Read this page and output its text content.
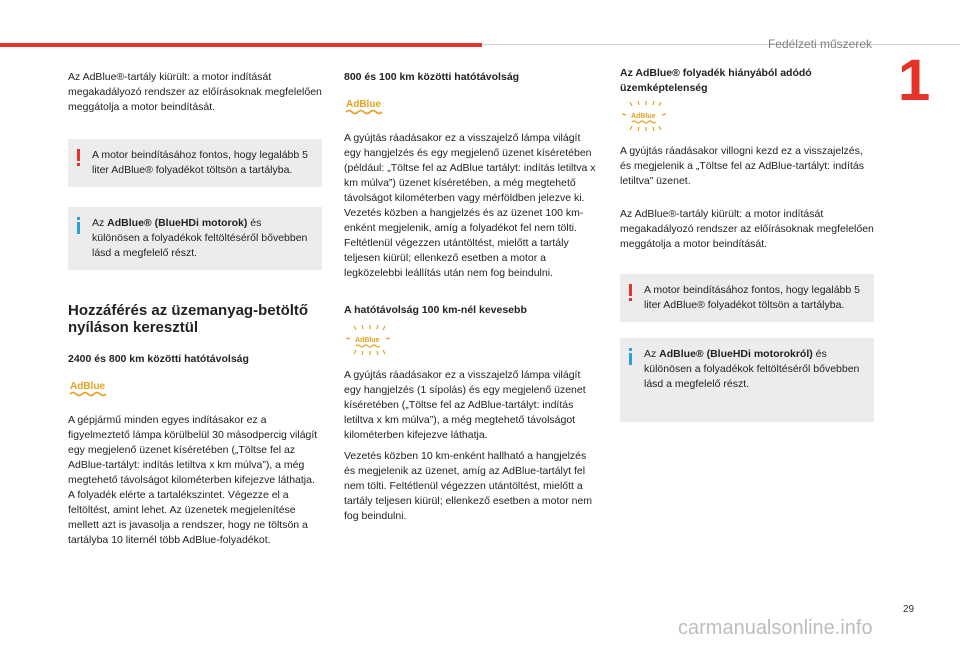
Fedélzeti műszerek
1

Az AdBlue®-tartály kiürült: a motor indítását megakadályozó rendszer az előírásoknak megfelelően meggátolja a motor beindítását.

A motor beindításához fontos, hogy legalább 5 liter AdBlue® folyadékot töltsön a tartályba.
Az AdBlue® (BlueHDi motorok) és különösen a folyadékok feltöltéséről bővebben lásd a megfelelő részt.
Hozzáférés az üzemanyag-betöltő nyíláson keresztül
2400 és 800 km közötti hatótávolság
AdBlue

A gépjármű minden egyes indításakor ez a figyelmeztető lámpa körülbelül 30 másodpercig világít egy megjelenő üzenet kíséretében („Töltse fel az AdBlue-tartályt: indítás letiltva x km múlva”), a még megtehető távolságot kilométerben kifejezve láthatja. A folyadék elérte a tartalékszintet. Végezze el a feltöltést, amint lehet. Az üzenetek megjelenítése mellett azt is javasolja a rendszer, hogy ne töltsön a tartályba 10 liternél több AdBlue-folyadékot.

800 és 100 km közötti hatótávolság
AdBlue

A gyújtás ráadásakor ez a visszajelző lámpa világít egy hangjelzés és egy megjelenő üzenet kíséretében (például: „Töltse fel az AdBlue tartályt: indítás letiltva x km múlva”) üzenet kíséretében, a még megtehető távolságot kilométerben vagy mérföldben jelezve ki. Vezetés közben a hangjelzés és az üzenet 100 km-enként megjelenik, amíg a folyadékot fel nem tölti. Feltétlenül végezzen utántöltést, mielőtt a tartály teljesen kiürül; ellenkező esetben a motor a legközelebbi leállítás után nem fog beindulni.

A hatótávolság 100 km-nél kevesebb
AdBlue

A gyújtás ráadásakor ez a visszajelző lámpa világít egy hangjelzés (1 sípolás) és egy megjelenő üzenet kíséretében („Töltse fel az AdBlue-tartályt: indítás letiltva x km múlva”), a még megtehető távolságot kilométerben kifejezve láthatja.

Vezetés közben 10 km-enként hallható a hangjelzés és megjelenik az üzenet, amíg az AdBlue-tartályt fel nem tölti. Feltétlenül végezzen utántöltést, mielőtt a tartály teljesen kiürül; ellenkező esetben a motor nem fog beindulni.

Az AdBlue® folyadék hiányából adódó üzemképtelenség
AdBlue

A gyújtás ráadásakor villogni kezd ez a visszajelzés, és megjelenik a „Töltse fel az AdBlue-tartályt: indítás letiltva” üzenet.

Az AdBlue®-tartály kiürült: a motor indítását megakadályozó rendszer az előírásoknak megfelelően meggátolja a motor beindítását.

A motor beindításához fontos, hogy legalább 5 liter AdBlue® folyadékot töltsön a tartályba.
Az AdBlue® (BlueHDi motorokról) és különösen a folyadékok feltöltéséről bővebben lásd a megfelelő részt.
29
carmanualsonline.info
